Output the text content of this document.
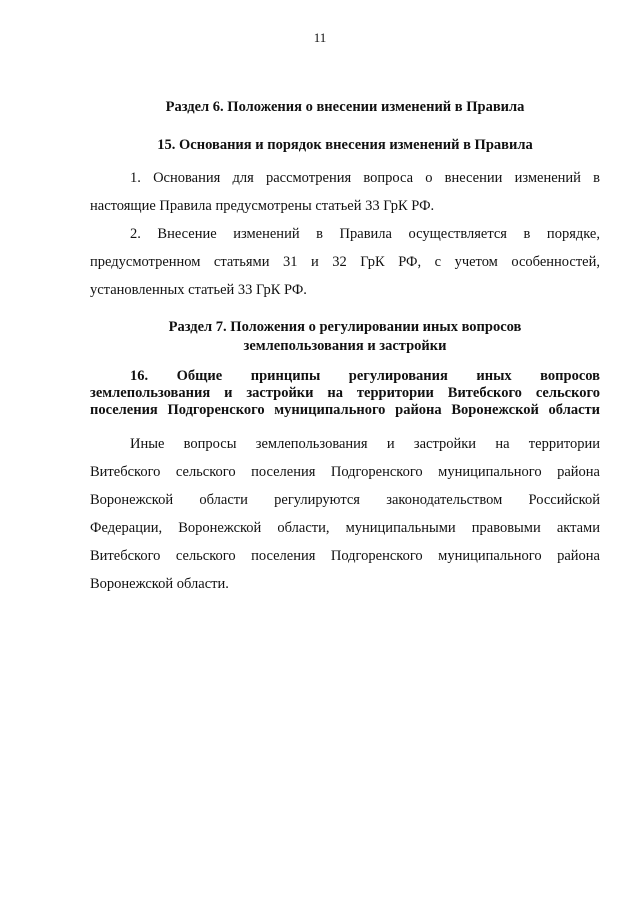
11
Раздел 6. Положения о внесении изменений в Правила
15. Основания и порядок внесения изменений в Правила
1. Основания для рассмотрения вопроса о внесении изменений в
настоящие Правила предусмотрены статьей 33 ГрК РФ.
2. Внесение изменений в Правила осуществляется в порядке,
предусмотренном статьями 31 и 32 ГрК РФ, с учетом особенностей,
установленных статьей 33 ГрК РФ.
Раздел 7. Положения о регулировании иных вопросов
землепользования и застройки
16. Общие принципы регулирования иных вопросов
землепользования и застройки на территории Витебского сельского
поселения Подгоренского муниципального района Воронежской области
Иные вопросы землепользования и застройки на территории
Витебского сельского поселения Подгоренского муниципального района
Воронежской области регулируются законодательством Российской
Федерации, Воронежской области, муниципальными правовыми актами
Витебского сельского поселения Подгоренского муниципального района
Воронежской области.
